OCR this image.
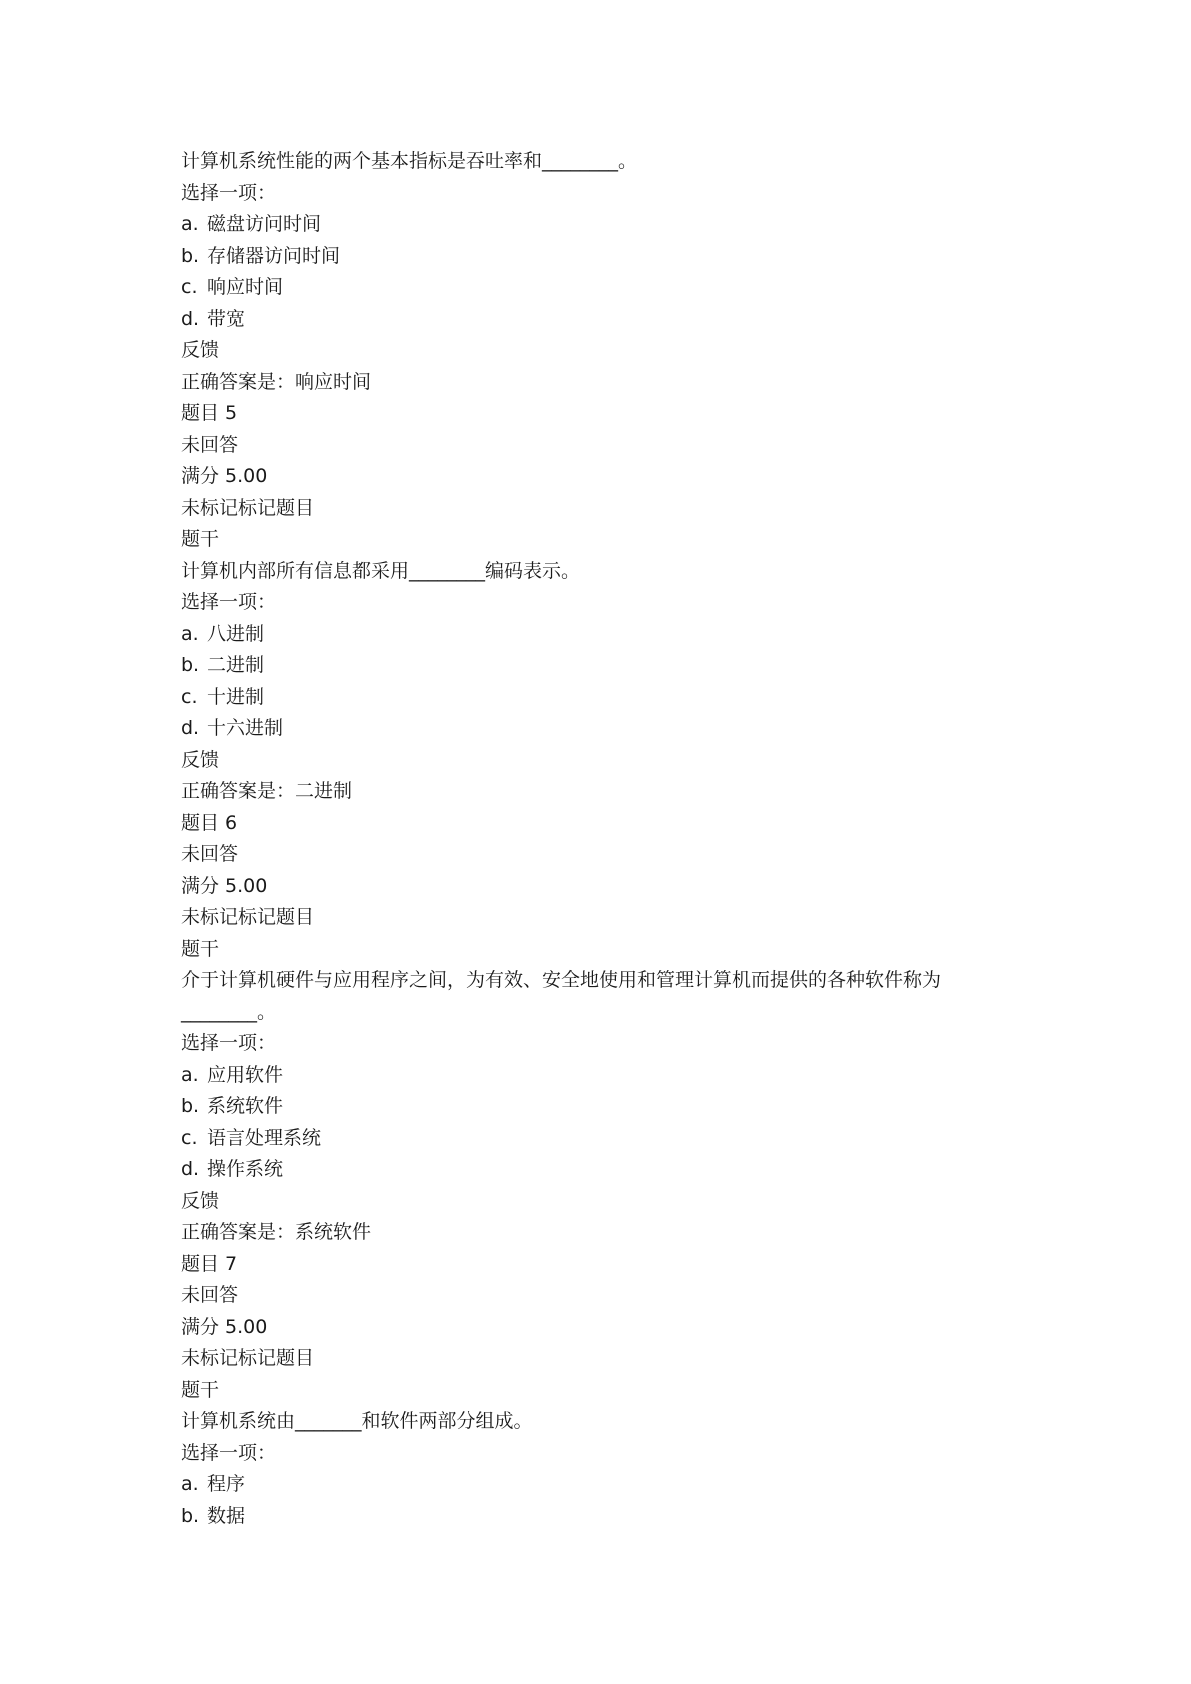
计算机系统性能的两个基本指标是吞吐率和________。
选择一项：
a. 磁盘访问时间
b. 存储器访问时间
c. 响应时间
d. 带宽
反馈
正确答案是：响应时间
题目 5
未回答
满分 5.00
未标记标记题目
题干
计算机内部所有信息都采用________编码表示。
选择一项：
a. 八进制
b. 二进制
c. 十进制
d. 十六进制
反馈
正确答案是：二进制
题目 6
未回答
满分 5.00
未标记标记题目
题干
介于计算机硬件与应用程序之间，为有效、安全地使用和管理计算机而提供的各种软件称为
________。
选择一项：
a. 应用软件
b. 系统软件
c. 语言处理系统
d. 操作系统
反馈
正确答案是：系统软件
题目 7
未回答
满分 5.00
未标记标记题目
题干
计算机系统由_______和软件两部分组成。
选择一项：
a. 程序
b. 数据
